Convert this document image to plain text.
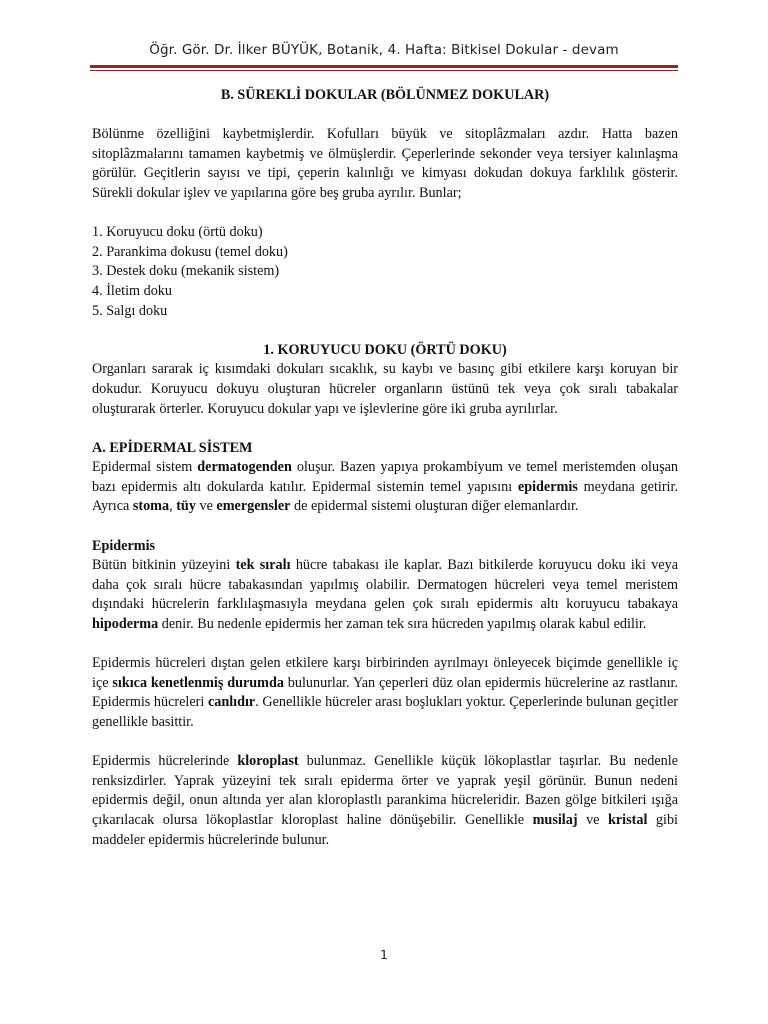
Öğr. Gör. Dr. İlker BÜYÜK, Botanik, 4. Hafta: Bitkisel Dokular - devam

B. SÜREKLİ DOKULAR (BÖLÜNMEZ DOKULAR)

Bölünme özelliğini kaybetmişlerdir. Kofulları büyük ve sitoplâzmaları azdır. Hatta bazen sitoplâzmalarını tamamen kaybetmiş ve ölmüşlerdir. Çeperlerinde sekonder veya tersiyer kalınlaşma görülür. Geçitlerin sayısı ve tipi, çeperin kalınlığı ve kimyası dokudan dokuya farklılık gösterir. Sürekli dokular işlev ve yapılarına göre beş gruba ayrılır. Bunlar;

1. Koruyucu doku (örtü doku)
2. Parankima dokusu (temel doku)
3. Destek doku (mekanik sistem)
4. İletim doku
5. Salgı doku

1. KORUYUCU DOKU (ÖRTÜ DOKU)

Organları sararak iç kısımdaki dokuları sıcaklık, su kaybı ve basınç gibi etkilere karşı koruyan bir dokudur. Koruyucu dokuyu oluşturan hücreler organların üstünü tek veya çok sıralı tabakalar oluşturarak örterler. Koruyucu dokular yapı ve işlevlerine göre iki gruba ayrılırlar.

A. EPİDERMAL SİSTEM

Epidermal sistem dermatogenden oluşur. Bazen yapıya prokambiyum ve temel meristemden oluşan bazı epidermis altı dokularda katılır. Epidermal sistemin temel yapısını epidermis meydana getirir. Ayrıca stoma, tüy ve emergensler de epidermal sistemi oluşturan diğer elemanlardır.

Epidermis

Bütün bitkinin yüzeyini tek sıralı hücre tabakası ile kaplar. Bazı bitkilerde koruyucu doku iki veya daha çok sıralı hücre tabakasından yapılmış olabilir. Dermatogen hücreleri veya temel meristem dışındaki hücrelerin farklılaşmasıyla meydana gelen çok sıralı epidermis altı koruyucu tabakaya hipoderma denir. Bu nedenle epidermis her zaman tek sıra hücreden yapılmış olarak kabul edilir.

Epidermis hücreleri dıştan gelen etkilere karşı birbirinden ayrılmayı önleyecek biçimde genellikle iç içe sıkıca kenetlenmiş durumda bulunurlar. Yan çeperleri düz olan epidermis hücrelerine az rastlanır. Epidermis hücreleri canlıdır. Genellikle hücreler arası boşlukları yoktur. Çeperlerinde bulunan geçitler genellikle basittir.

Epidermis hücrelerinde kloroplast bulunmaz. Genellikle küçük lökoplastlar taşırlar. Bu nedenle renksizdirler. Yaprak yüzeyini tek sıralı epiderma örter ve yaprak yeşil görünür. Bunun nedeni epidermis değil, onun altında yer alan kloroplastlı parankima hücreleridir. Bazen gölge bitkileri ışığa çıkarılacak olursa lökoplastlar kloroplast haline dönüşebilir. Genellikle musilaj ve kristal gibi maddeler epidermis hücrelerinde bulunur.

1
